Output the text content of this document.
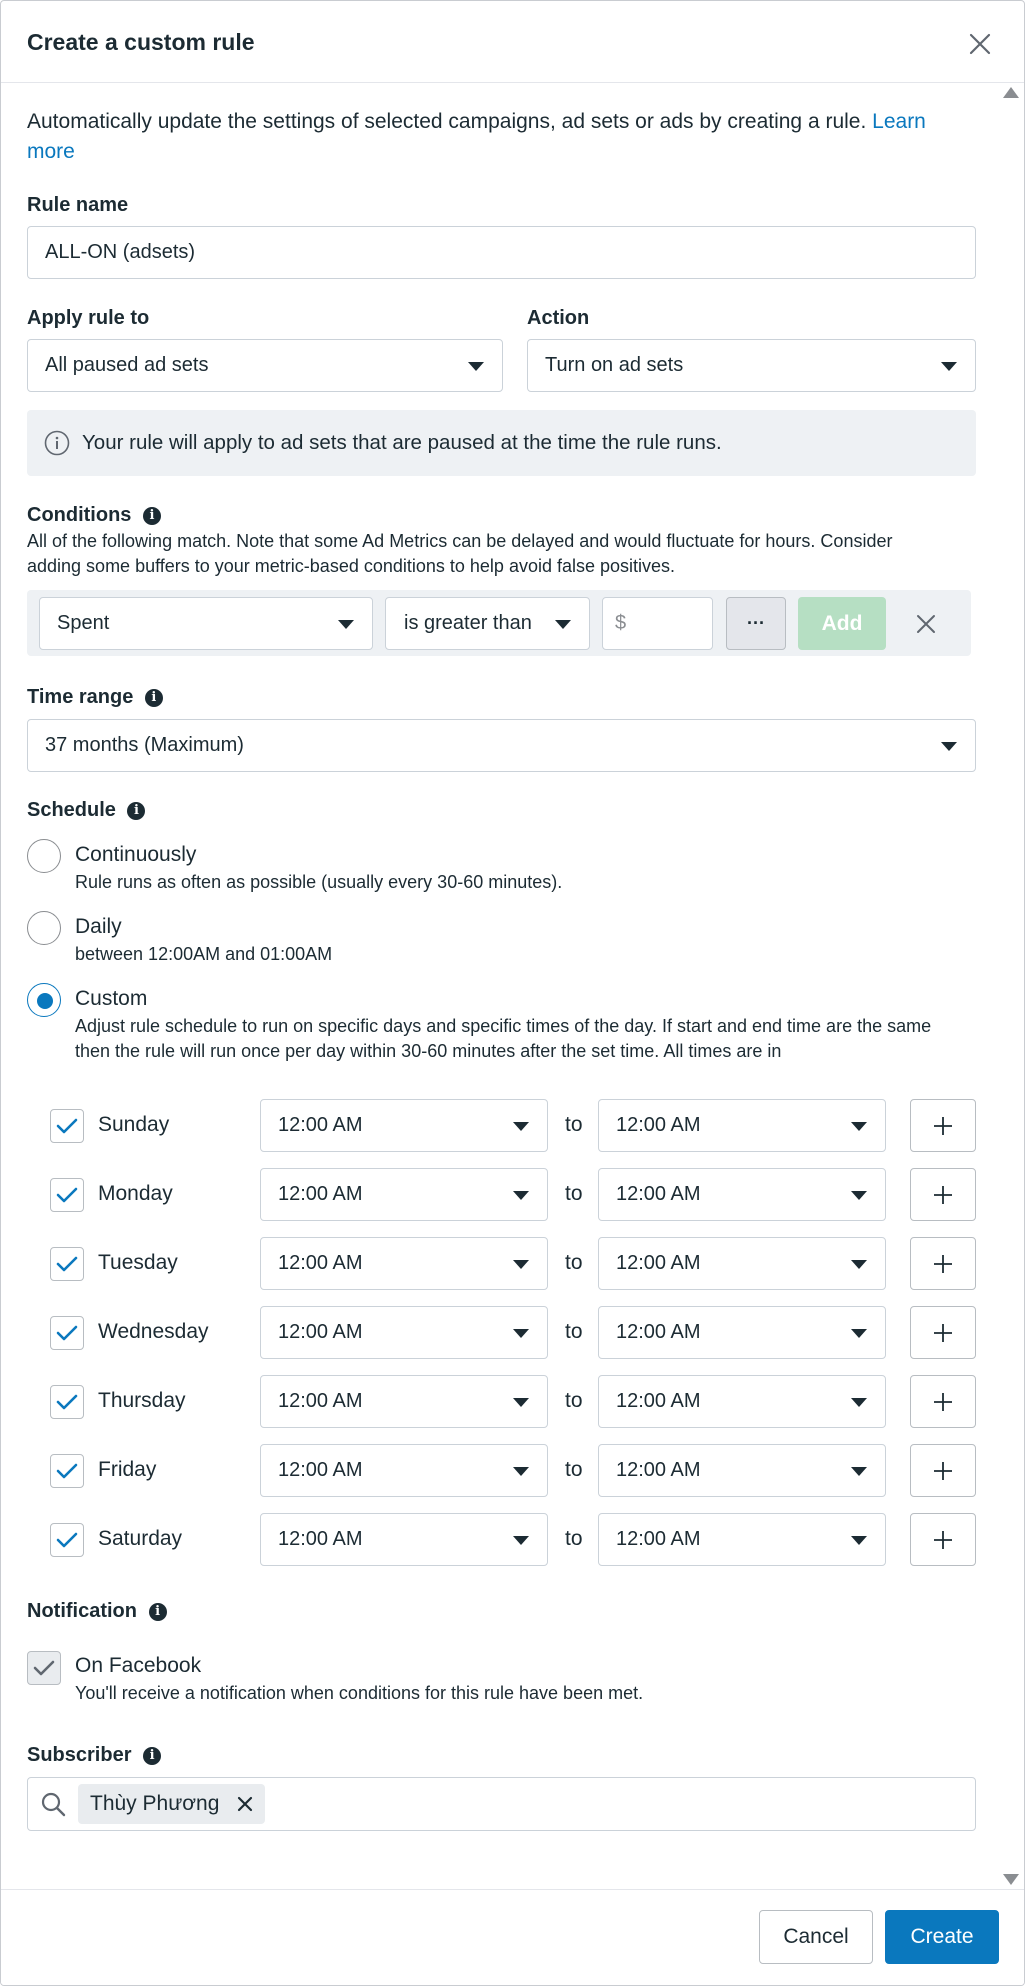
Create a custom rule
Automatically update the settings of selected campaigns, ad sets or ads by creating a rule. Learn more
Rule name
ALL-ON (adsets)
Apply rule to
All paused ad sets
Action
Turn on ad sets
Your rule will apply to ad sets that are paused at the time the rule runs.
Conditions i
All of the following match. Note that some Ad Metrics can be delayed and would fluctuate for hours. Consider
adding some buffers to your metric-based conditions to help avoid false positives.
Spent	is greater than	$	···	Add
Time range i
37 months (Maximum)
Schedule i
Continuously
Rule runs as often as possible (usually every 30-60 minutes).
Daily
between 12:00AM and 01:00AM
Custom
Adjust rule schedule to run on specific days and specific times of the day. If start and end time are the same
then the rule will run once per day within 30-60 minutes after the set time. All times are in
Sunday	12:00 AM	to 12:00 AM
Monday	12:00 AM	to 12:00 AM
Tuesday	12:00 AM	to 12:00 AM
Wednesday	12:00 AM	to 12:00 AM
Thursday	12:00 AM	to 12:00 AM
Friday	12:00 AM	to 12:00 AM
Saturday	12:00 AM	to 12:00 AM
Notification i
On Facebook
You'll receive a notification when conditions for this rule have been met.
Subscriber i
Thùy Phương
Cancel	Create
